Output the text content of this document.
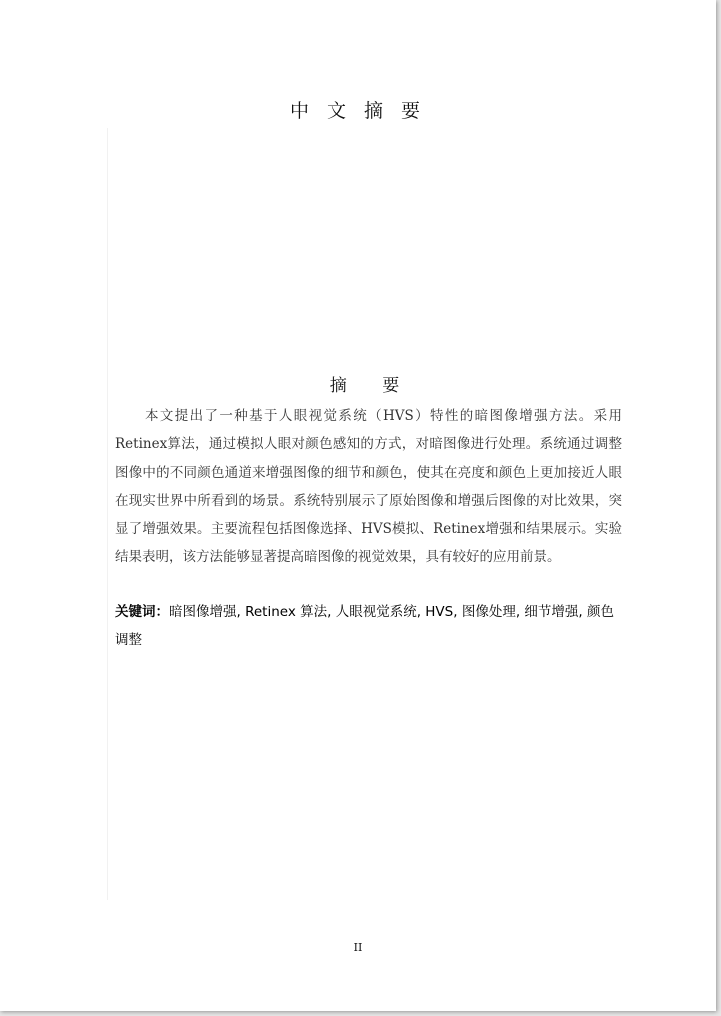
中 文 摘 要
摘 要

本文提出了一种基于人眼视觉系统（HVS）特性的暗图像增强方法。采用Retinex算法，通过模拟人眼对颜色感知的方式，对暗图像进行处理。系统通过调整图像中的不同颜色通道来增强图像的细节和颜色，使其在亮度和颜色上更加接近人眼在现实世界中所看到的场景。系统特别展示了原始图像和增强后图像的对比效果，突显了增强效果。主要流程包括图像选择、HVS模拟、Retinex增强和结果展示。实验结果表明，该方法能够显著提高暗图像的视觉效果，具有较好的应用前景。

关键词：暗图像增强, Retinex 算法, 人眼视觉系统, HVS, 图像处理, 细节增强, 颜色调整

II
